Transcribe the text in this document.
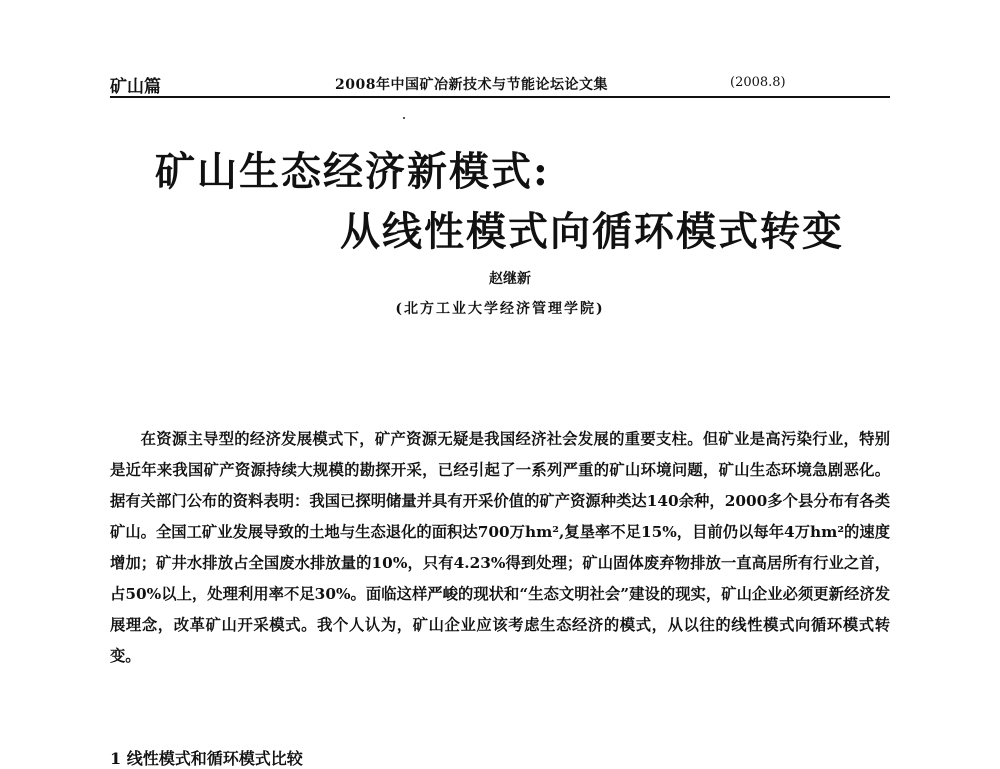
矿山篇	2008年中国矿冶新技术与节能论坛论文集	(2008.8)
矿山生态经济新模式:
从线性模式向循环模式转变
赵继新
(北方工业大学经济管理学院)

在资源主导型的经济发展模式下，矿产资源无疑是我国经济社会发展的重要支柱。但矿业是高污染行业，特别是近年来我国矿产资源持续大规模的勘探开采，已经引起了一系列严重的矿山环境问题，矿山生态环境急剧恶化。据有关部门公布的资料表明：我国已探明储量并具有开采价值的矿产资源种类达140余种，2000多个县分布有各类矿山。全国工矿业发展导致的土地与生态退化的面积达700万hm²,复垦率不足15%，目前仍以每年4万hm²的速度增加；矿井水排放占全国废水排放量的10%，只有4.23%得到处理；矿山固体废弃物排放一直高居所有行业之首，占50%以上，处理利用率不足30%。面临这样严峻的现状和“生态文明社会”建设的现实，矿山企业必须更新经济发展理念，改革矿山开采模式。我个人认为，矿山企业应该考虑生态经济的模式，从以往的线性模式向循环模式转变。

1 线性模式和循环模式比较
